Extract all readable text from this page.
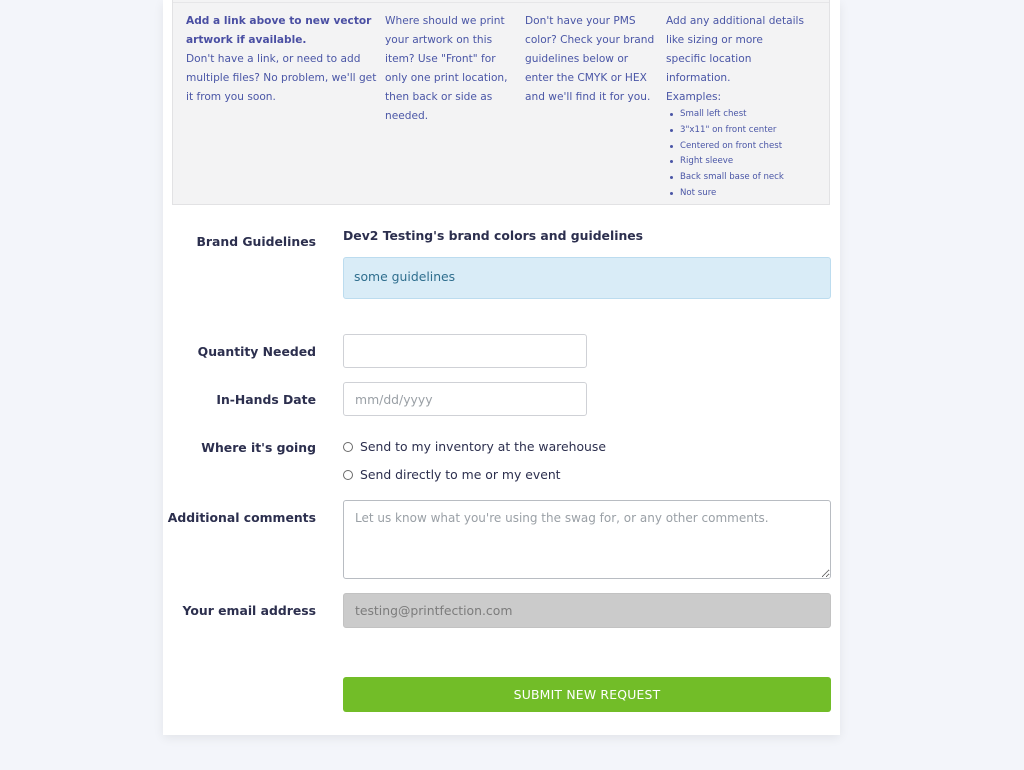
Add a link above to new vector artwork if available.
Don't have a link, or need to add multiple files? No problem, we'll get it from you soon.
Where should we print your artwork on this item? Use "Front" for only one print location, then back or side as needed.
Don't have your PMS color? Check your brand guidelines below or enter the CMYK or HEX and we'll find it for you.
Add any additional details like sizing or more specific location information.
Examples:
Small left chest
3"x11" on front center
Centered on front chest
Right sleeve
Back small base of neck
Not sure
Brand Guidelines Dev2 Testing's brand colors and guidelines
some guidelines
Quantity Needed
In-Hands Date
mm/dd/yyyy
Where it's going	Send to my inventory at the warehouse
Send directly to me or my event
Additional comments
Let us know what you're using the swag for, or any other comments.
Your email address
testing@printfection.com
SUBMIT NEW REQUEST
